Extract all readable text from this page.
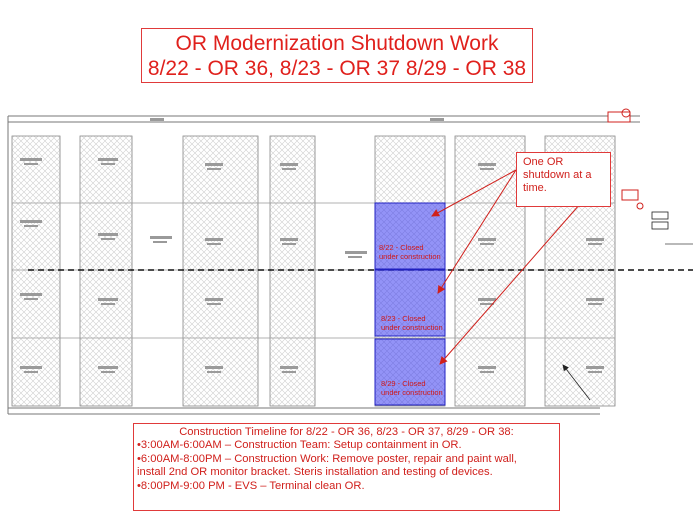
OR Modernization Shutdown Work
8/22 - OR 36, 8/23 - OR 37 8/29 - OR 38
8/22 - Closed
under construction
8/23 - Closed
under construction
8/29 - Closed
under construction
One OR shutdown at a time.
Construction Timeline for 8/22 - OR 36, 8/23 - OR 37, 8/29 - OR 38:
•3:00AM-6:00AM – Construction Team: Setup containment in OR.
•6:00AM-8:00PM – Construction Work: Remove poster, repair and paint wall,
install 2nd OR monitor bracket. Steris installation and testing of devices.
•8:00PM-9:00 PM - EVS – Terminal clean OR.
